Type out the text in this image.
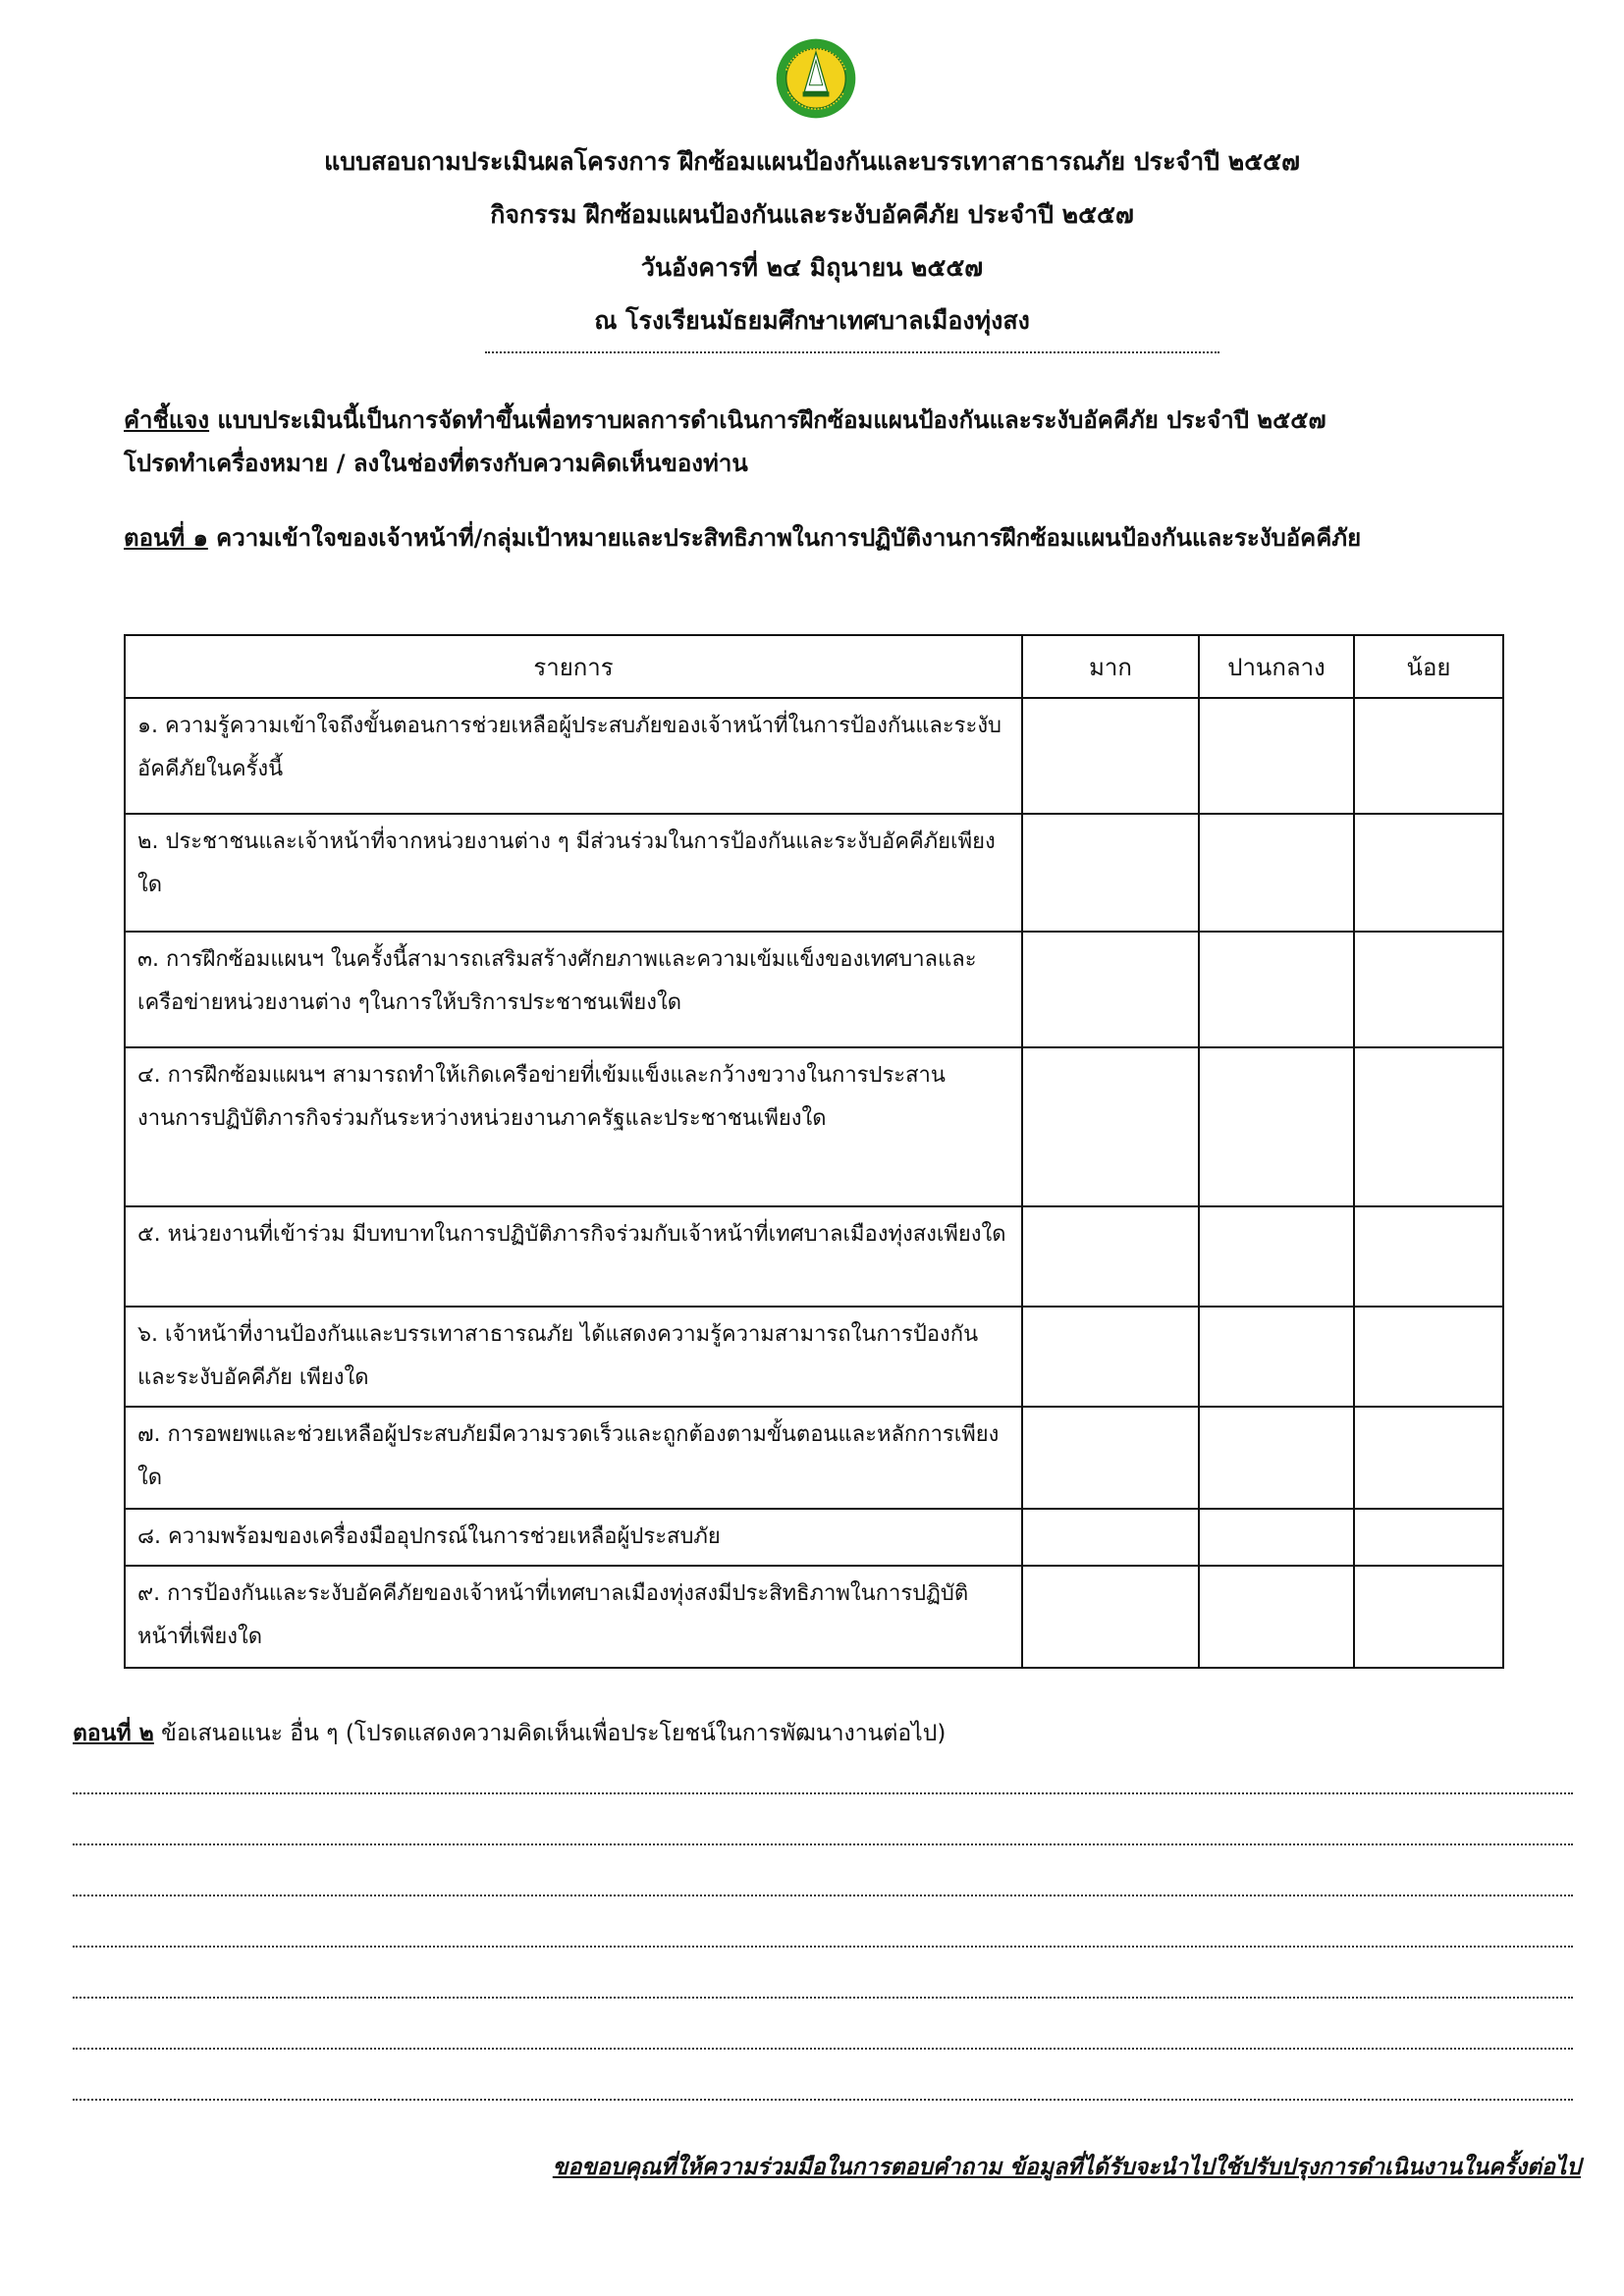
แบบสอบถามประเมินผลโครงการ ฝึกซ้อมแผนป้องกันและบรรเทาสาธารณภัย ประจำปี ๒๕๕๗
กิจกรรม ฝึกซ้อมแผนป้องกันและระงับอัคคีภัย ประจำปี ๒๕๕๗
วันอังคารที่ ๒๔ มิถุนายน ๒๕๕๗
ณ โรงเรียนมัธยมศึกษาเทศบาลเมืองทุ่งสง
คำชี้แจง แบบประเมินนี้เป็นการจัดทำขึ้นเพื่อทราบผลการดำเนินการฝึกซ้อมแผนป้องกันและระงับอัคคีภัย ประจำปี ๒๕๕๗
โปรดทำเครื่องหมาย / ลงในช่องที่ตรงกับความคิดเห็นของท่าน
ตอนที่ ๑ ความเข้าใจของเจ้าหน้าที่/กลุ่มเป้าหมายและประสิทธิภาพในการปฏิบัติงานการฝึกซ้อมแผนป้องกันและระงับอัคคีภัย
รายการ	มาก	ปานกลาง	น้อย
๑. ความรู้ความเข้าใจถึงขั้นตอนการช่วยเหลือผู้ประสบภัยของเจ้าหน้าที่ในการป้องกันและระงับอัคคีภัยในครั้งนี้			
๒. ประชาชนและเจ้าหน้าที่จากหน่วยงานต่าง ๆ มีส่วนร่วมในการป้องกันและระงับอัคคีภัยเพียงใด			
๓. การฝึกซ้อมแผนฯ ในครั้งนี้สามารถเสริมสร้างศักยภาพและความเข้มแข็งของเทศบาลและเครือข่ายหน่วยงานต่าง ๆในการให้บริการประชาชนเพียงใด			
๔. การฝึกซ้อมแผนฯ สามารถทำให้เกิดเครือข่ายที่เข้มแข็งและกว้างขวางในการประสานงานการปฏิบัติภารกิจร่วมกันระหว่างหน่วยงานภาครัฐและประชาชนเพียงใด			
๕. หน่วยงานที่เข้าร่วม มีบทบาทในการปฏิบัติภารกิจร่วมกับเจ้าหน้าที่เทศบาลเมืองทุ่งสงเพียงใด			
๖. เจ้าหน้าที่งานป้องกันและบรรเทาสาธารณภัย ได้แสดงความรู้ความสามารถในการป้องกันและระงับอัคคีภัย เพียงใด			
๗. การอพยพและช่วยเหลือผู้ประสบภัยมีความรวดเร็วและถูกต้องตามขั้นตอนและหลักการเพียงใด			
๘. ความพร้อมของเครื่องมืออุปกรณ์ในการช่วยเหลือผู้ประสบภัย			
๙. การป้องกันและระงับอัคคีภัยของเจ้าหน้าที่เทศบาลเมืองทุ่งสงมีประสิทธิภาพในการปฏิบัติหน้าที่เพียงใด			
ตอนที่ ๒ ข้อเสนอแนะ อื่น ๆ (โปรดแสดงความคิดเห็นเพื่อประโยชน์ในการพัฒนางานต่อไป)
ขอขอบคุณที่ให้ความร่วมมือในการตอบคำถาม ข้อมูลที่ได้รับจะนำไปใช้ปรับปรุงการดำเนินงานในครั้งต่อไป
